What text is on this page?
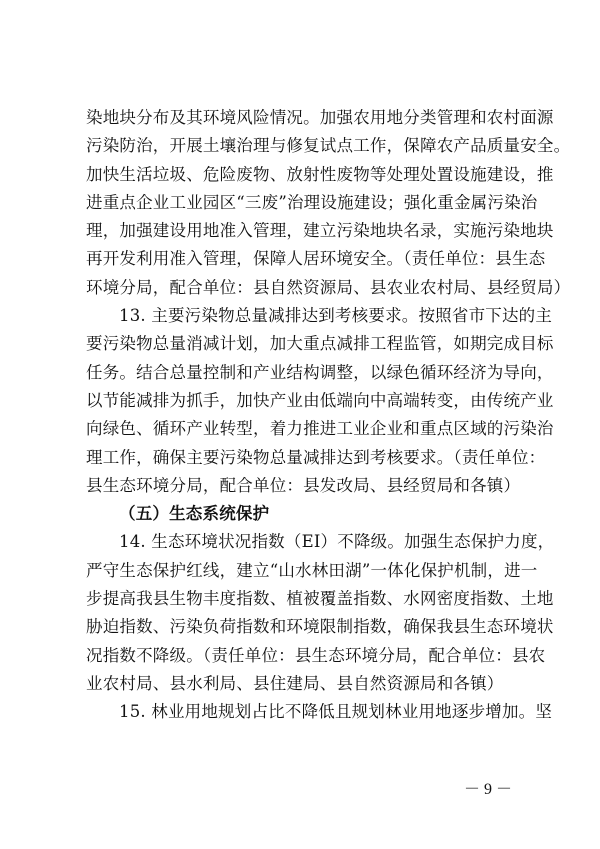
染地块分布及其环境风险情况。加强农用地分类管理和农村面源
污染防治，开展土壤治理与修复试点工作，保障农产品质量安全。
加快生活垃圾、危险废物、放射性废物等处理处置设施建设，推
进重点企业工业园区“三废”治理设施建设；强化重金属污染治
理，加强建设用地准入管理，建立污染地块名录，实施污染地块
再开发利用准入管理，保障人居环境安全。（责任单位：县生态
环境分局，配合单位：县自然资源局、县农业农村局、县经贸局）
13. 主要污染物总量减排达到考核要求。按照省市下达的主
要污染物总量消减计划，加大重点减排工程监管，如期完成目标
任务。结合总量控制和产业结构调整，以绿色循环经济为导向，
以节能减排为抓手，加快产业由低端向中高端转变，由传统产业
向绿色、循环产业转型，着力推进工业企业和重点区域的污染治
理工作，确保主要污染物总量减排达到考核要求。（责任单位：
县生态环境分局，配合单位：县发改局、县经贸局和各镇）
（五）生态系统保护
14. 生态环境状况指数（EI）不降级。加强生态保护力度，
严守生态保护红线，建立“山水林田湖”一体化保护机制，进一
步提高我县生物丰度指数、植被覆盖指数、水网密度指数、土地
胁迫指数、污染负荷指数和环境限制指数，确保我县生态环境状
况指数不降级。（责任单位：县生态环境分局，配合单位：县农
业农村局、县水利局、县住建局、县自然资源局和各镇）
15. 林业用地规划占比不降低且规划林业用地逐步增加。坚
－ 9 －
